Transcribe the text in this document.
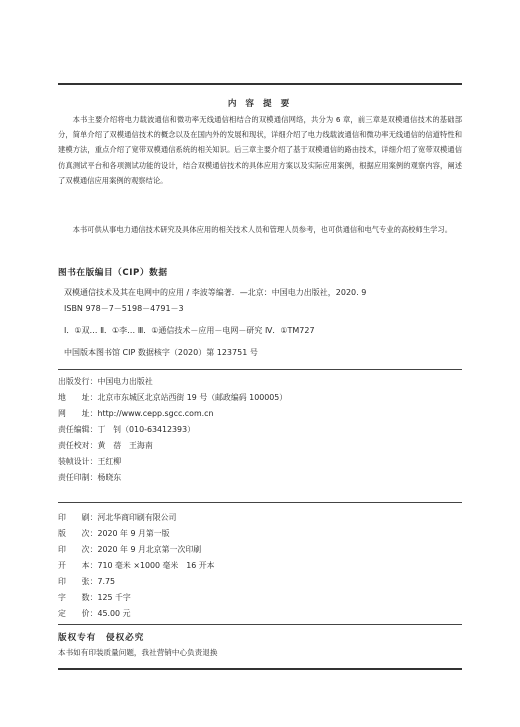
内 容 提 要
本书主要介绍将电力载波通信和微功率无线通信相结合的双模通信网络，共分为 6 章，前三章是双模通信技术的基础部分，简单介绍了双模通信技术的概念以及在国内外的发展和现状，详细介绍了电力线载波通信和微功率无线通信的信道特性和建模方法，重点介绍了宽带双模通信系统的相关知识。后三章主要介绍了基于双模通信的路由技术，详细介绍了宽带双模通信仿真测试平台和各项测试功能的设计，结合双模通信技术的具体应用方案以及实际应用案例，根据应用案例的观察内容，阐述了双模通信应用案例的观察结论。
本书可供从事电力通信技术研究及具体应用的相关技术人员和管理人员参考，也可供通信和电气专业的高校师生学习。
图书在版编目（CIP）数据
双模通信技术及其在电网中的应用 / 李波等编著．—北京：中国电力出版社，2020. 9
ISBN 978－7－5198－4791－3
Ⅰ．①双… Ⅱ．①李… Ⅲ．①通信技术－应用－电网－研究 Ⅳ．①TM727
中国版本图书馆 CIP 数据核字（2020）第 123751 号
出版发行：中国电力出版社
地　　址：北京市东城区北京站西街 19 号（邮政编码 100005）
网　　址：http://www.cepp.sgcc.com.cn
责任编辑：丁　钊（010-63412393）
责任校对：黄　蓓　王海南
装帧设计：王红柳
责任印制：杨晓东
印　　刷：河北华商印刷有限公司
版　　次：2020 年 9 月第一版
印　　次：2020 年 9 月北京第一次印刷
开　　本：710 毫米 ×1000 毫米　16 开本
印　　张：7.75
字　　数：125 千字
定　　价：45.00 元
版权专有　侵权必究
本书如有印装质量问题，我社营销中心负责退换
